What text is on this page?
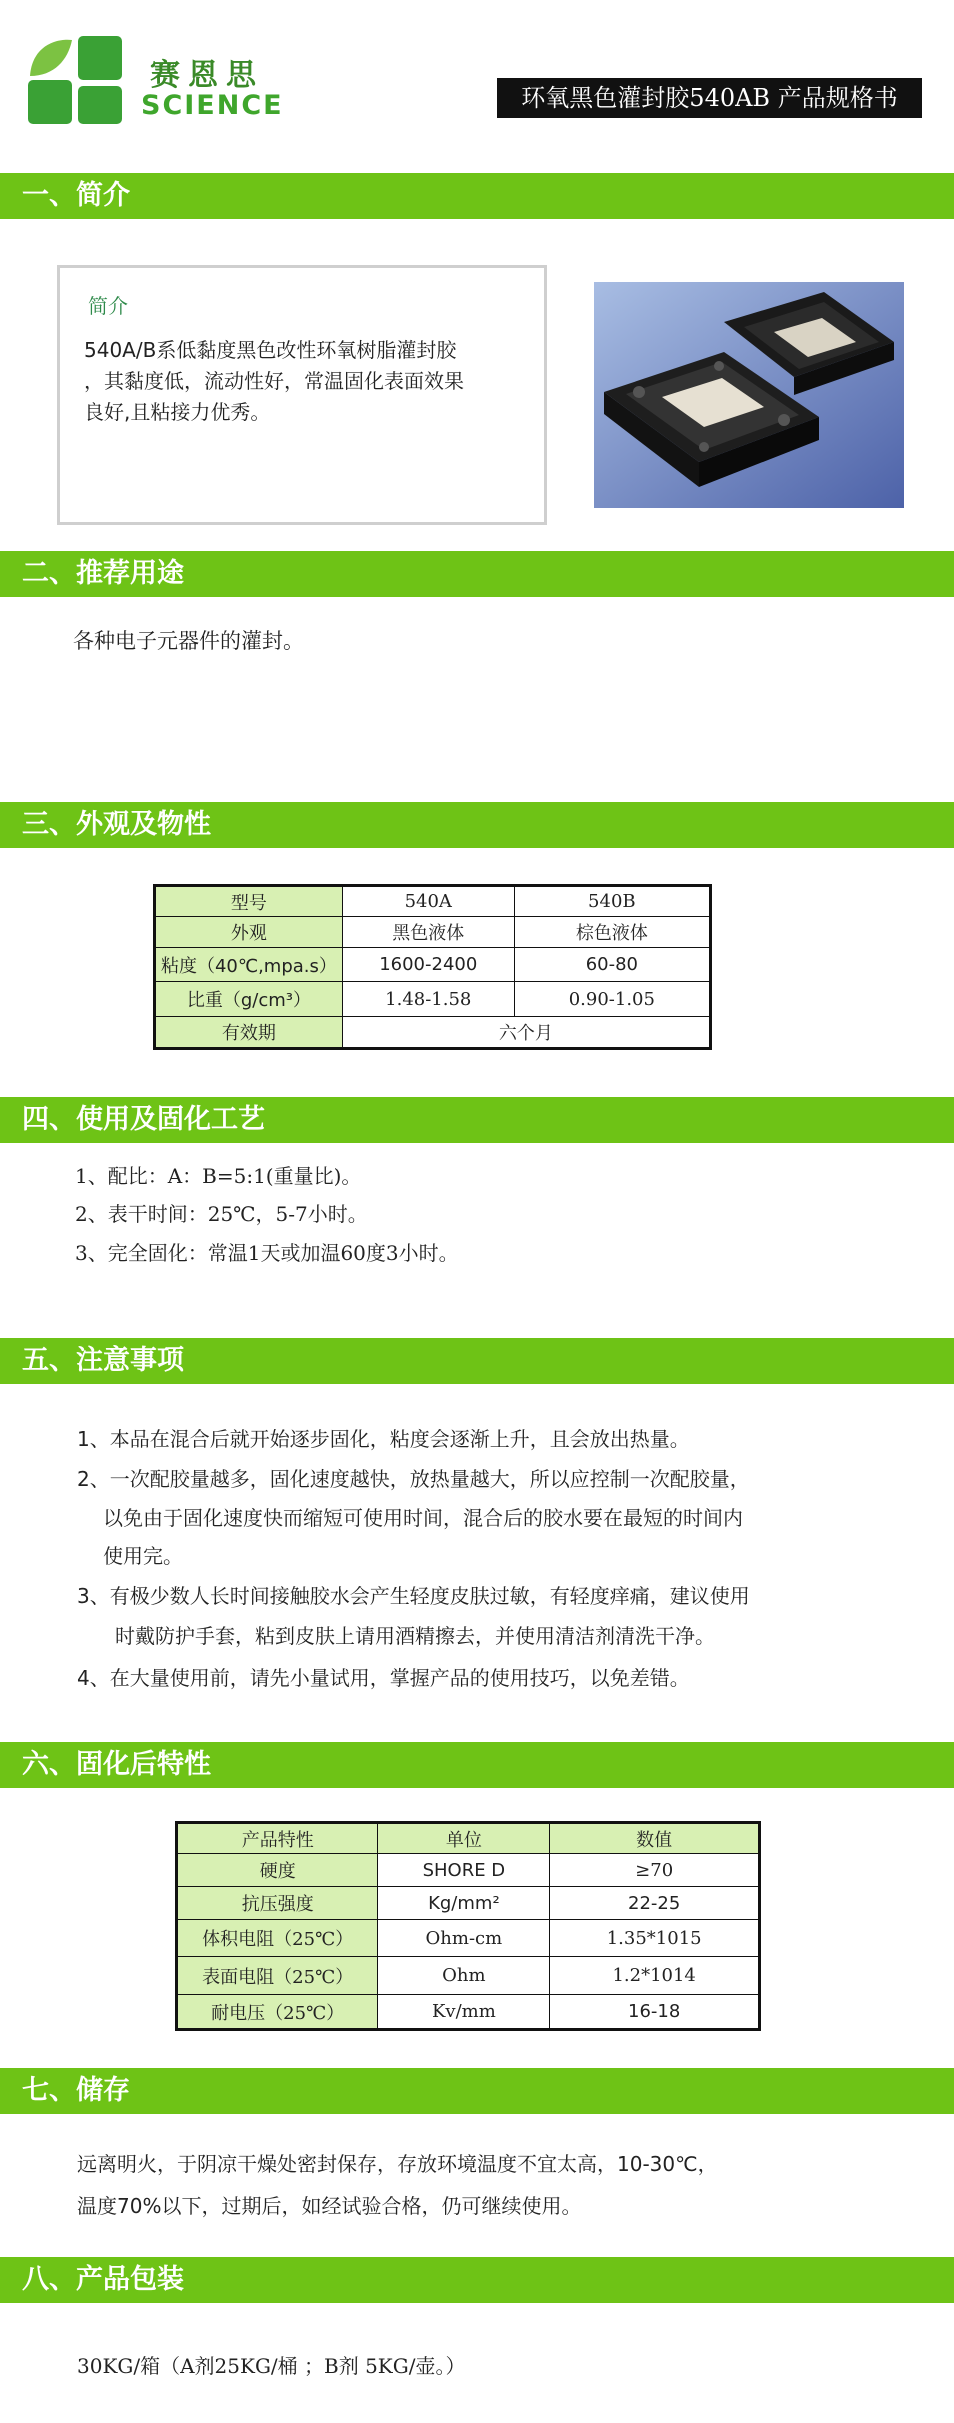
赛恩思
SCIENCE	环氧黑色灌封胶540AB 产品规格书
一、简介
简介
540A/B系低黏度黑色改性环氧树脂灌封胶
，其黏度低，流动性好，常温固化表面效果
良好,且粘接力优秀。
二、推荐用途
各种电子元器件的灌封。
三、外观及物性
型号	540A	540B
外观	黑色液体	棕色液体
粘度（40℃,mpa.s）	1600-2400	60-80
比重（g/cm³）	1.48-1.58	0.90-1.05
有效期	六个月	
四、使用及固化工艺
1、配比：A：B=5:1(重量比)。
2、表干时间：25℃，5-7小时。
3、完全固化：常温1天或加温60度3小时。
五、注意事项
1、本品在混合后就开始逐步固化，粘度会逐渐上升，且会放出热量。
2、一次配胶量越多，固化速度越快，放热量越大，所以应控制一次配胶量，
以免由于固化速度快而缩短可使用时间，混合后的胶水要在最短的时间内
使用完。
3、有极少数人长时间接触胶水会产生轻度皮肤过敏，有轻度痒痛，建议使用
时戴防护手套，粘到皮肤上请用酒精擦去，并使用清洁剂清洗干净。
4、在大量使用前，请先小量试用，掌握产品的使用技巧，以免差错。
六、固化后特性
产品特性	单位	数值
硬度	SHORE D	≥70
抗压强度	Kg/mm²	22-25
体积电阻（25℃）	Ohm-cm	1.35*1015
表面电阻（25℃）	Ohm	1.2*1014
耐电压（25℃）	Kv/mm	16-18
七、储存
远离明火，于阴凉干燥处密封保存，存放环境温度不宜太高，10-30℃，
温度70%以下，过期后，如经试验合格，仍可继续使用。
八、产品包装
30KG/箱（A剂25KG/桶 ；B剂 5KG/壶。）
